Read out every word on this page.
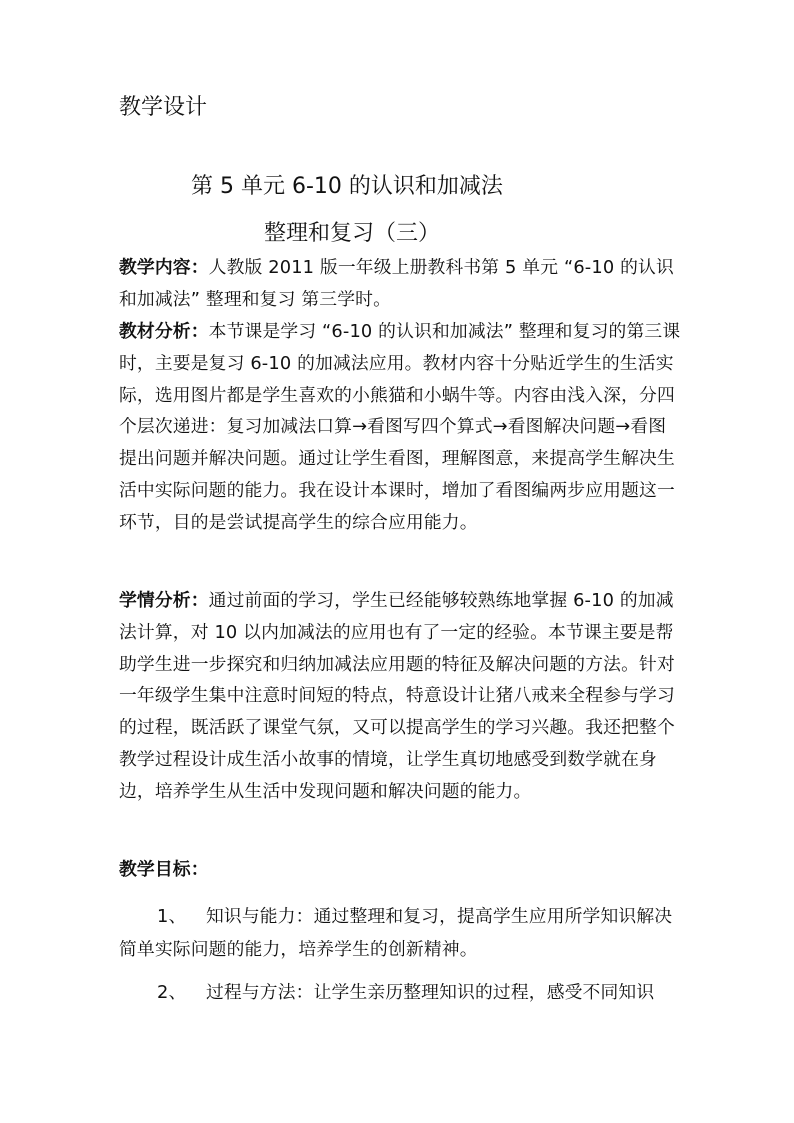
教学设计
第 5 单元 6-10 的认识和加减法
整理和复习（三）

教学内容：人教版 2011 版一年级上册教科书第 5 单元 “6-10 的认识和加减法” 整理和复习 第三学时。

教材分析：本节课是学习 “6-10 的认识和加减法” 整理和复习的第三课时，主要是复习 6-10 的加减法应用。教材内容十分贴近学生的生活实际，选用图片都是学生喜欢的小熊猫和小蜗牛等。内容由浅入深，分四个层次递进：复习加减法口算→看图写四个算式→看图解决问题→看图提出问题并解决问题。通过让学生看图，理解图意，来提高学生解决生活中实际问题的能力。我在设计本课时，增加了看图编两步应用题这一环节，目的是尝试提高学生的综合应用能力。

学情分析：通过前面的学习，学生已经能够较熟练地掌握 6-10 的加减法计算，对 10 以内加减法的应用也有了一定的经验。本节课主要是帮助学生进一步探究和归纳加减法应用题的特征及解决问题的方法。针对一年级学生集中注意时间短的特点，特意设计让猪八戒来全程参与学习的过程，既活跃了课堂气氛，又可以提高学生的学习兴趣。我还把整个教学过程设计成生活小故事的情境，让学生真切地感受到数学就在身边，培养学生从生活中发现问题和解决问题的能力。

教学目标：

1、 知识与能力：通过整理和复习，提高学生应用所学知识解决简单实际问题的能力，培养学生的创新精神。

2、 过程与方法：让学生亲历整理知识的过程，感受不同知识
